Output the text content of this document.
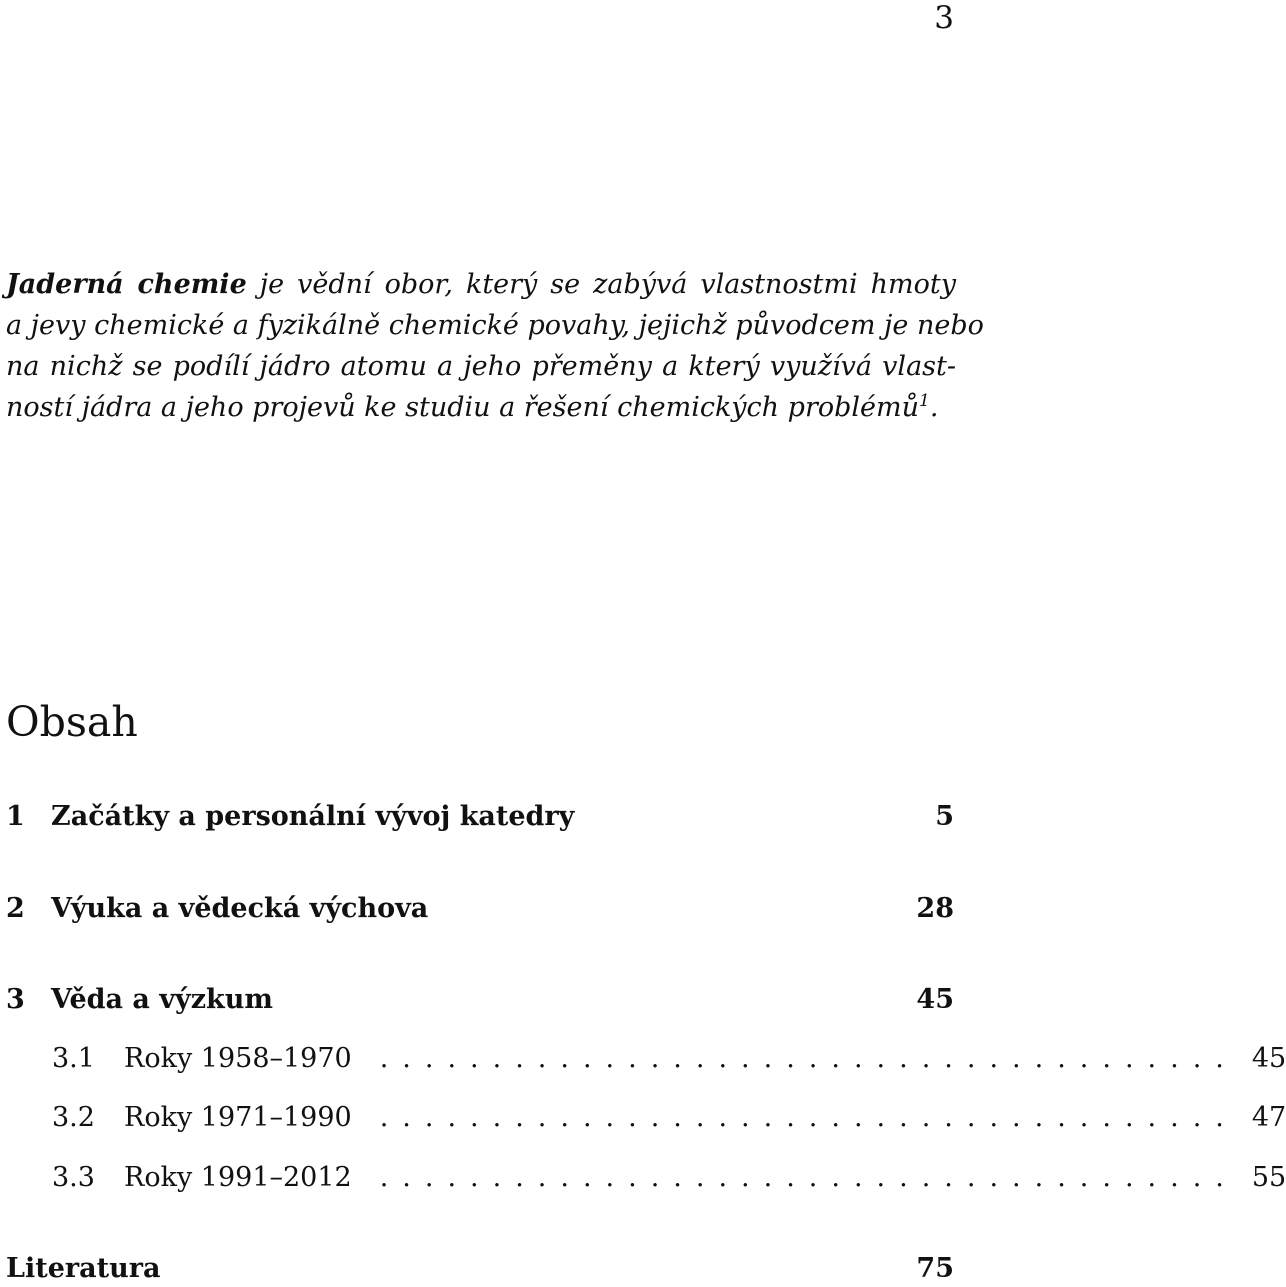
3
Jaderná chemie je vědní obor, který se zabývá vlastnostmi hmoty
a jevy chemické a fyzikálně chemické povahy, jejichž původcem je nebo
na nichž se podílí jádro atomu a jeho přeměny a který využívá vlast-
ností jádra a jeho projevů ke studiu a řešení chemických problémů$^1$.
Obsah
1 Začátky a personální vývoj katedry	5
2 Výuka a vědecká výchova	28
3 Věda a výzkum	45
3.1	Roky 1958–1970	...................................... 45
3.2	Roky 1971–1990	...................................... 47
3.3	Roky 1991–2012	...................................... 55
Literatura	75
